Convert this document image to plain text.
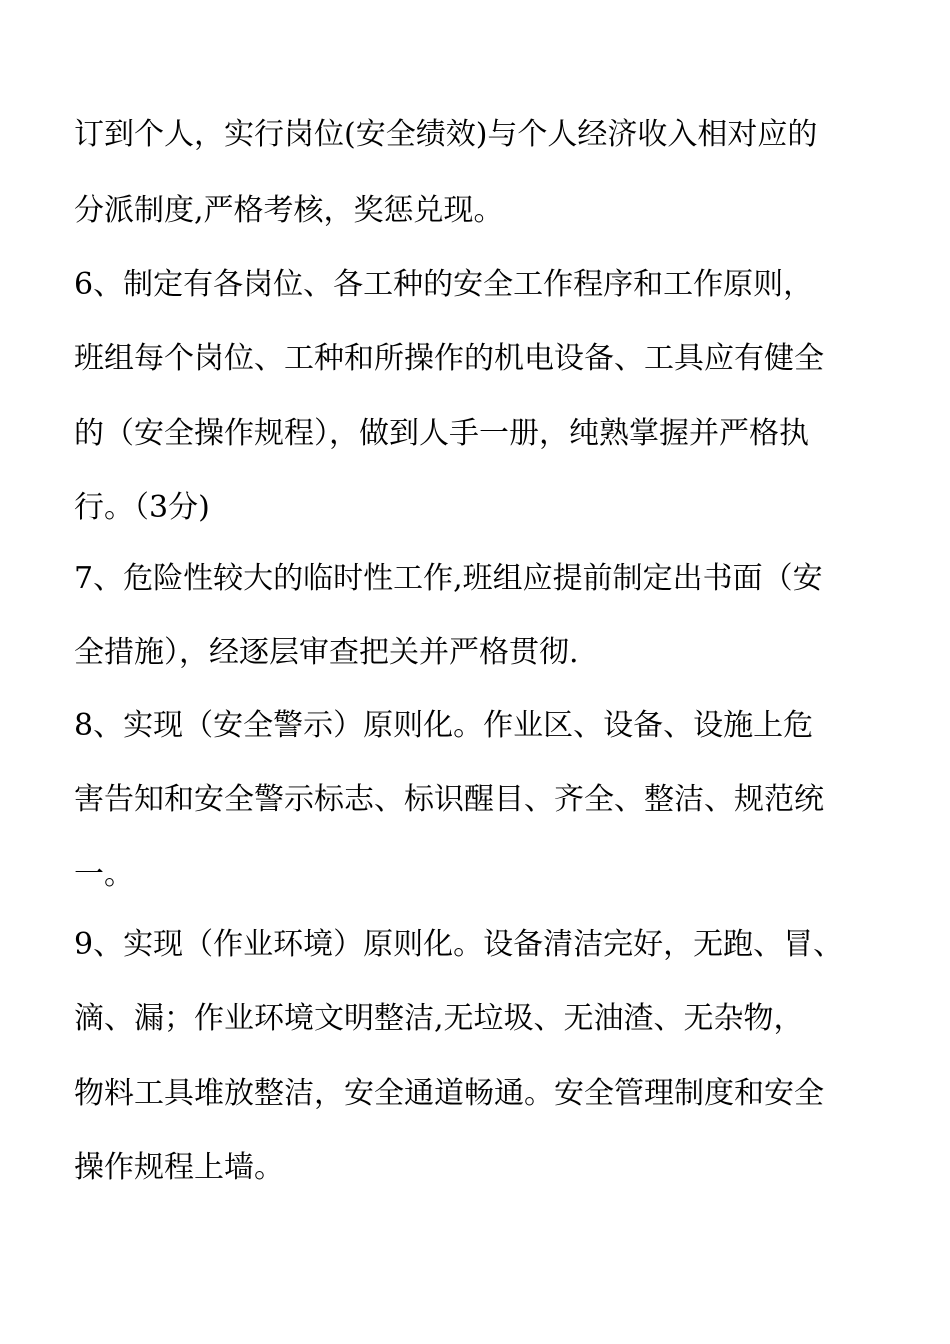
订到个人，实行岗位(安全绩效)与个人经济收入相对应的
分派制度,严格考核，奖惩兑现。
6、制定有各岗位、各工种的安全工作程序和工作原则，
班组每个岗位、工种和所操作的机电设备、工具应有健全
的（安全操作规程），做到人手一册，纯熟掌握并严格执
行。（3分)
7、危险性较大的临时性工作,班组应提前制定出书面（安
全措施），经逐层审查把关并严格贯彻.
8、实现（安全警示）原则化。作业区、设备、设施上危
害告知和安全警示标志、标识醒目、齐全、整洁、规范统
一。
9、实现（作业环境）原则化。设备清洁完好，无跑、冒、
滴、漏；作业环境文明整洁,无垃圾、无油渣、无杂物，
物料工具堆放整洁，安全通道畅通。安全管理制度和安全
操作规程上墙。
